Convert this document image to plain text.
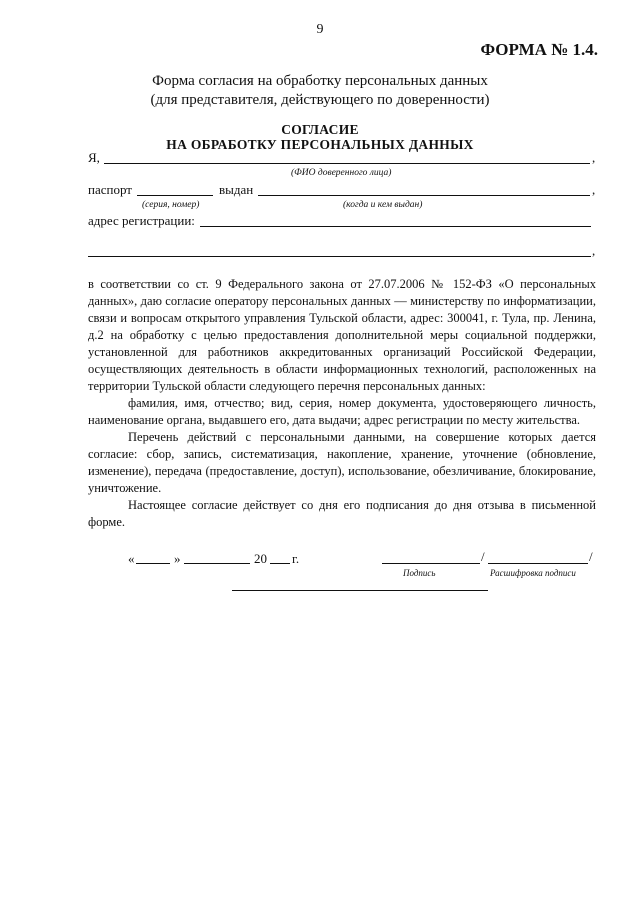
9
ФОРМА № 1.4.
Форма согласия на обработку персональных данных
(для представителя, действующего по доверенности)
СОГЛАСИЕ
НА ОБРАБОТКУ ПЕРСОНАЛЬНЫХ ДАННЫХ
Я,	,
(ФИО доверенного лица)
паспорт	выдан	,
(серия, номер)	(когда и кем выдан)
адрес регистрации:
,

в соответствии со ст. 9 Федерального закона от 27.07.2006 № 152-ФЗ «О персональных данных», даю согласие оператору персональных данных — министерству по информатизации, связи и вопросам открытого управления Тульской области, адрес: 300041, г. Тула, пр. Ленина, д.2 на обработку с целью предоставления дополнительной меры социальной поддержки, установленной для работников аккредитованных организаций Российской Федерации, осуществляющих деятельность в области информационных технологий, расположенных на территории Тульской области следующего перечня персональных данных:

фамилия, имя, отчество; вид, серия, номер документа, удостоверяющего личность, наименование органа, выдавшего его, дата выдачи; адрес регистрации по месту жительства.

Перечень действий с персональными данными, на совершение которых дается согласие: сбор, запись, систематизация, накопление, хранение, уточнение (обновление, изменение), передача (предоставление, доступ), использование, обезличивание, блокирование, уничтожение.

Настоящее согласие действует со дня его подписания до дня отзыва в письменной форме.

«	»	20 г.	/	/
Подпись	Расшифровка подписи
